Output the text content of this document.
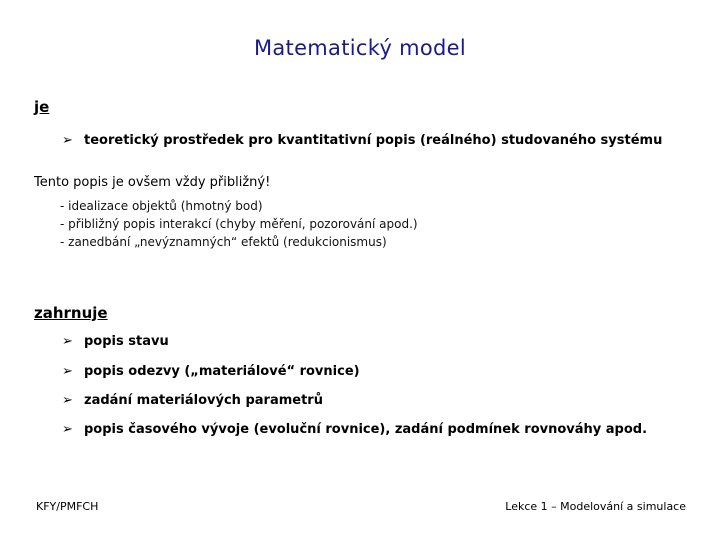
Matematický model
je
➢ teoretický prostředek pro kvantitativní popis (reálného) studovaného systému
Tento popis je ovšem vždy přibližný!
- idealizace objektů (hmotný bod)
- přibližný popis interakcí (chyby měření, pozorování apod.)
- zanedbání „nevýznamných“ efektů (redukcionismus)
zahrnuje
➢ popis stavu
➢ popis odezvy („materiálové“ rovnice)
➢ zadání materiálových parametrů
➢ popis časového vývoje (evoluční rovnice), zadání podmínek rovnováhy apod.
KFY/PMFCH	Lekce 1 – Modelování a simulace
